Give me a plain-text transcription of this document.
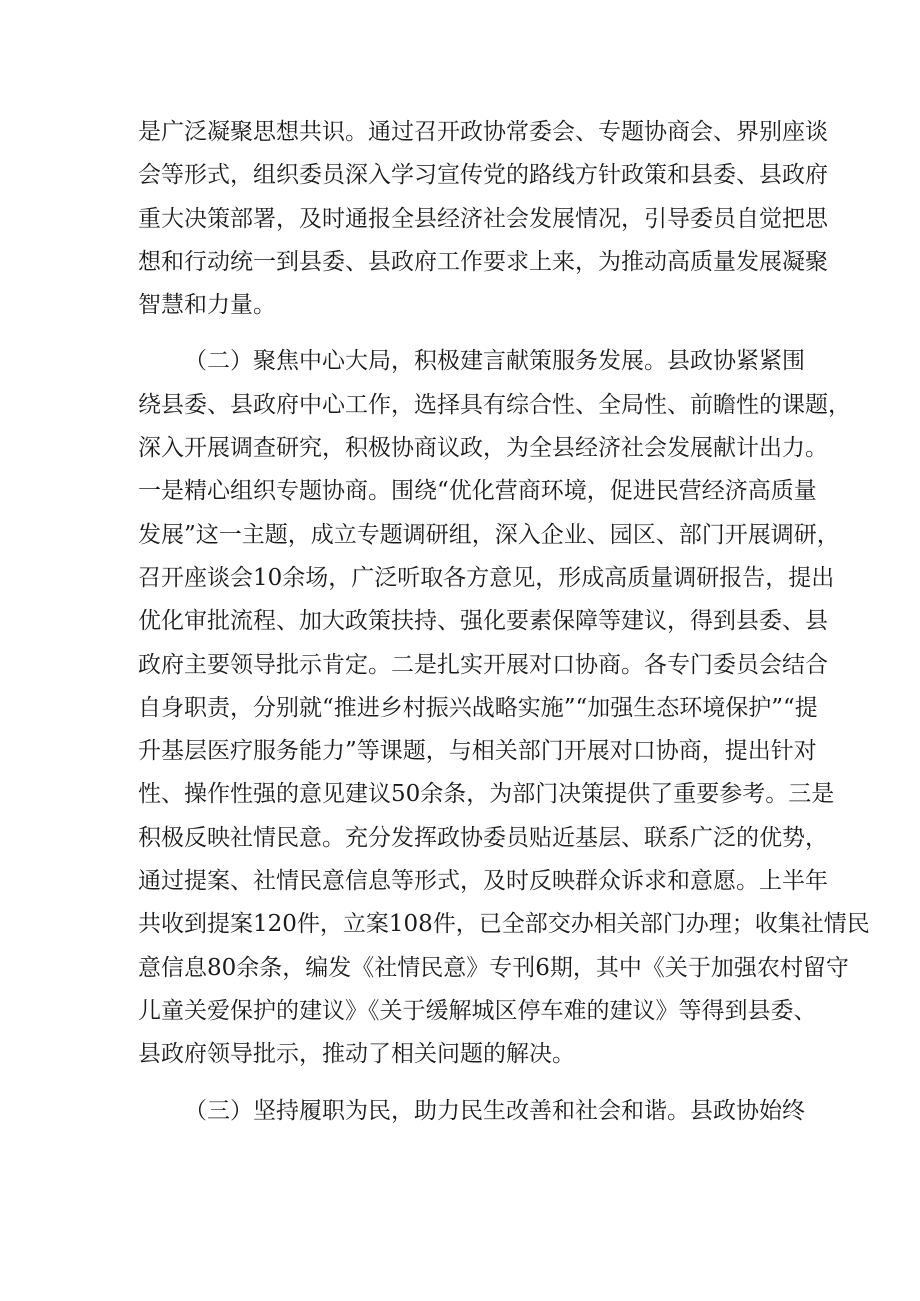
是广泛凝聚思想共识。通过召开政协常委会、专题协商会、界别座谈
会等形式，组织委员深入学习宣传党的路线方针政策和县委、县政府
重大决策部署，及时通报全县经济社会发展情况，引导委员自觉把思
想和行动统一到县委、县政府工作要求上来，为推动高质量发展凝聚
智慧和力量。
（二）聚焦中心大局，积极建言献策服务发展。县政协紧紧围
绕县委、县政府中心工作，选择具有综合性、全局性、前瞻性的课题，
深入开展调查研究，积极协商议政，为全县经济社会发展献计出力。
一是精心组织专题协商。围绕“优化营商环境，促进民营经济高质量
发展”这一主题，成立专题调研组，深入企业、园区、部门开展调研，
召开座谈会10余场，广泛听取各方意见，形成高质量调研报告，提出
优化审批流程、加大政策扶持、强化要素保障等建议，得到县委、县
政府主要领导批示肯定。二是扎实开展对口协商。各专门委员会结合
自身职责，分别就“推进乡村振兴战略实施”“加强生态环境保护”“提
升基层医疗服务能力”等课题，与相关部门开展对口协商，提出针对
性、操作性强的意见建议50余条，为部门决策提供了重要参考。三是
积极反映社情民意。充分发挥政协委员贴近基层、联系广泛的优势，
通过提案、社情民意信息等形式，及时反映群众诉求和意愿。上半年
共收到提案120件，立案108件，已全部交办相关部门办理；收集社情民
意信息80余条，编发《社情民意》专刊6期，其中《关于加强农村留守
儿童关爱保护的建议》《关于缓解城区停车难的建议》等得到县委、
县政府领导批示，推动了相关问题的解决。
（三）坚持履职为民，助力民生改善和社会和谐。县政协始终
